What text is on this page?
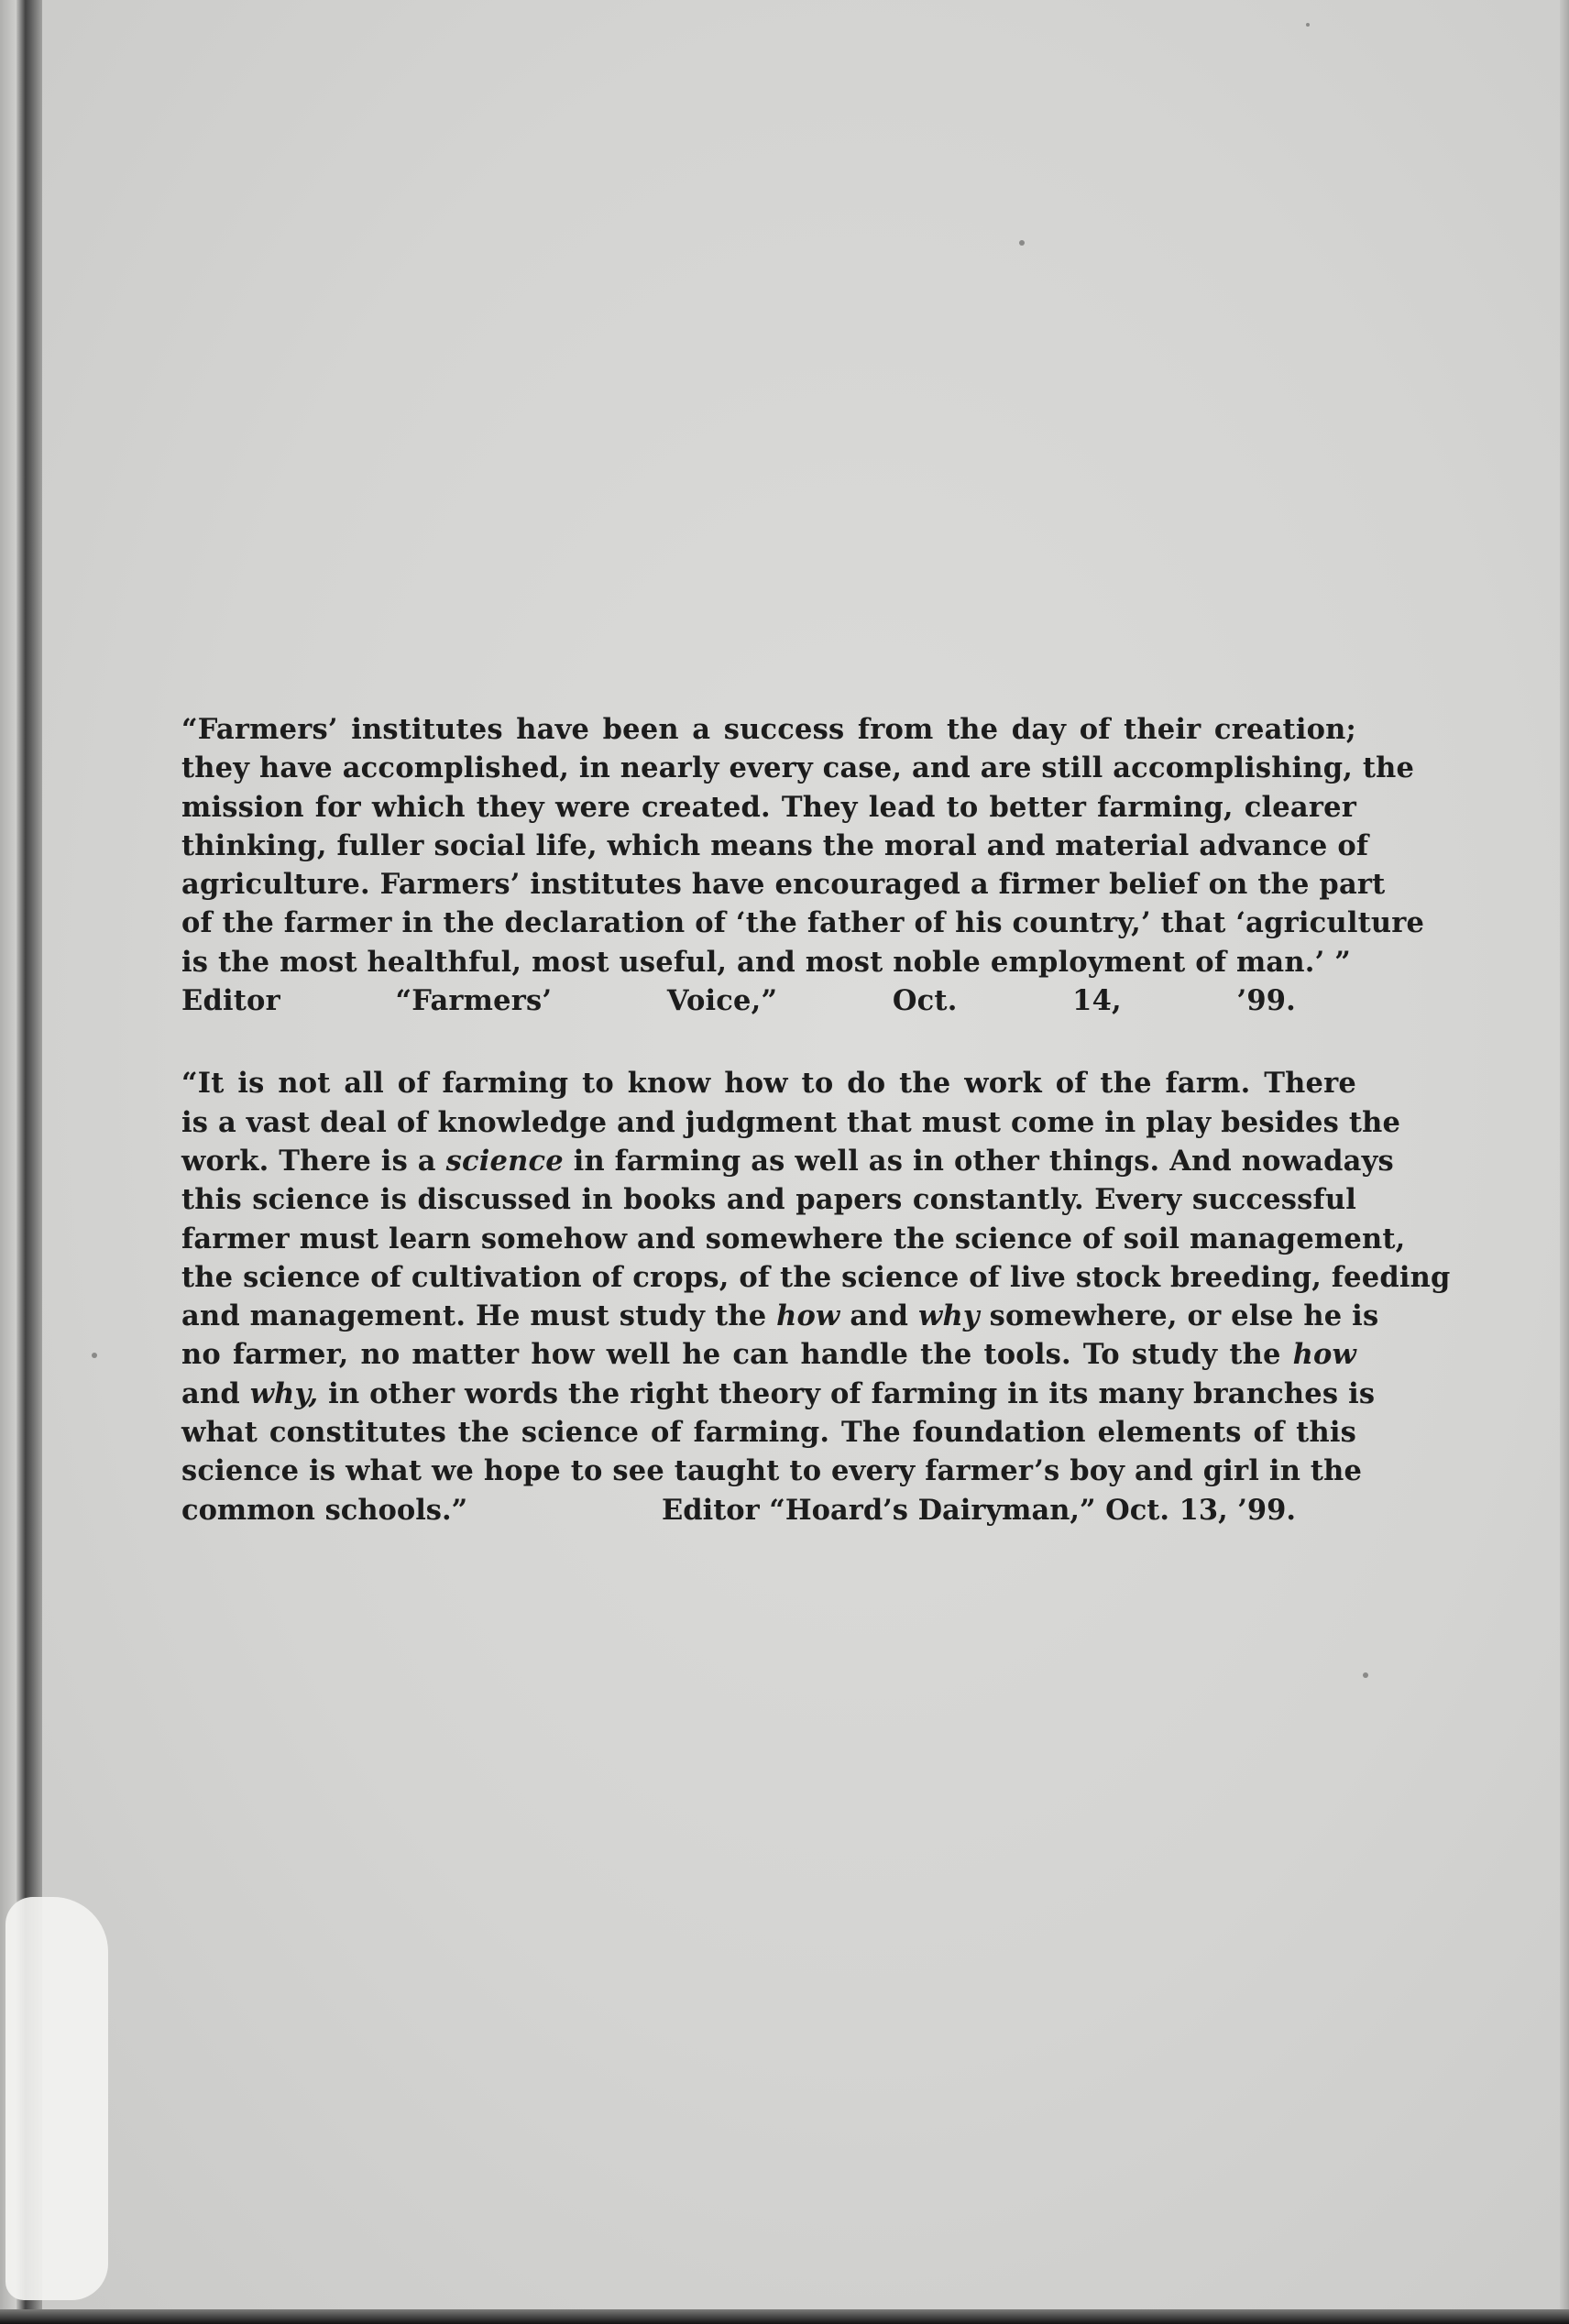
“Farmers’ institutes have been a success from the day of their creation;

they have accomplished, in nearly every case, and are still accomplishing, the

mission for which they were created. They lead to better farming, clearer

thinking, fuller social life, which means the moral and material advance of

agriculture. Farmers’ institutes have encouraged a firmer belief on the part

of the farmer in the declaration of ‘the father of his country,’ that ‘agriculture

is the most healthful, most useful, and most noble employment of man.’ ”

Editor “Farmers’ Voice,” Oct. 14, ’99.

“It is not all of farming to know how to do the work of the farm. There

is a vast deal of knowledge and judgment that must come in play besides the

work. There is a science in farming as well as in other things. And nowadays

this science is discussed in books and papers constantly. Every successful

farmer must learn somehow and somewhere the science of soil management,

the science of cultivation of crops, of the science of live stock breeding, feeding

and management. He must study the how and why somewhere, or else he is

no farmer, no matter how well he can handle the tools. To study the how

and why, in other words the right theory of farming in its many branches is

what constitutes the science of farming. The foundation elements of this

science is what we hope to see taught to every farmer’s boy and girl in the

common schools.”	Editor “Hoard’s Dairyman,” Oct. 13, ’99.
